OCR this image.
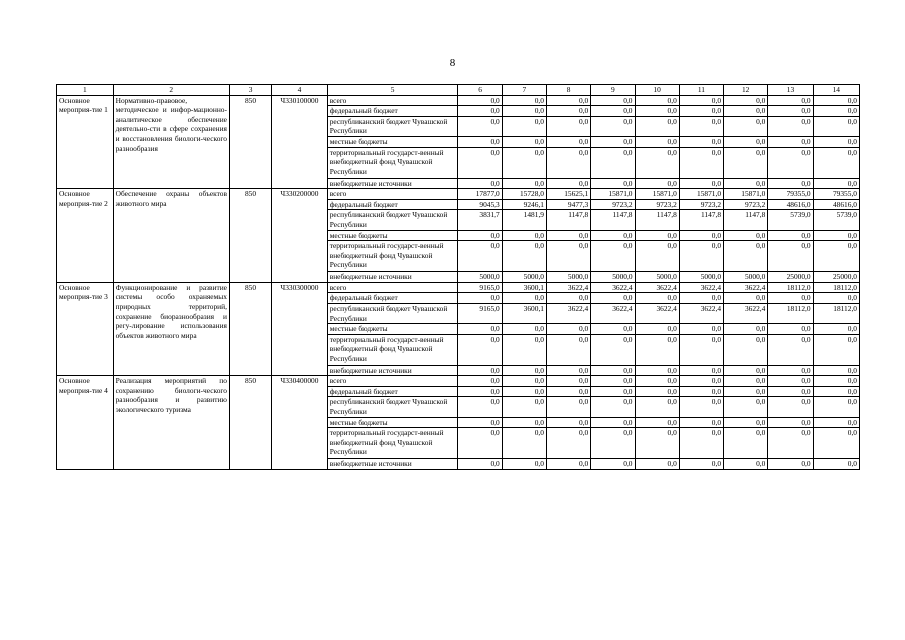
8
1	2	3	4	5	6	7	8	9	10	11	12	13	14
Основное мероприя-тие 1	Нормативно-правовое, методическое и инфор-мационно-аналитическое обеспечение деятельно-сти в сфере сохранения и восстановления биологи-ческого разнообразия	850	Ч330100000	всего	0,0	0,0	0,0	0,0	0,0	0,0	0,0	0,0	0,0
				федеральный бюджет	0,0	0,0	0,0	0,0	0,0	0,0	0,0	0,0	0,0
				республиканский бюджет Чувашской Республики	0,0	0,0	0,0	0,0	0,0	0,0	0,0	0,0	0,0
				местные бюджеты	0,0	0,0	0,0	0,0	0,0	0,0	0,0	0,0	0,0
				территориальный государст-венный внебюджетный фонд Чувашской Республики	0,0	0,0	0,0	0,0	0,0	0,0	0,0	0,0	0,0
				внебюджетные источники	0,0	0,0	0,0	0,0	0,0	0,0	0,0	0,0	0,0
Основное мероприя-тие 2	Обеспечение охраны объектов животного мира	850	Ч330200000	всего	17877,0	15728,0	15625,1	15871,0	15871,0	15871,0	15871,0	79355,0	79355,0
				федеральный бюджет	9045,3	9246,1	9477,3	9723,2	9723,2	9723,2	9723,2	48616,0	48616,0
				республиканский бюджет Чувашской Республики	3831,7	1481,9	1147,8	1147,8	1147,8	1147,8	1147,8	5739,0	5739,0
				местные бюджеты	0,0	0,0	0,0	0,0	0,0	0,0	0,0	0,0	0,0
				территориальный государст-венный внебюджетный фонд Чувашской Республики	0,0	0,0	0,0	0,0	0,0	0,0	0,0	0,0	0,0
				внебюджетные источники	5000,0	5000,0	5000,0	5000,0	5000,0	5000,0	5000,0	25000,0	25000,0
Основное мероприя-тие 3	Функционирование и развитие системы особо охраняемых природных территорий, сохранение биоразнообразия и регу-лирование использования объектов животного мира	850	Ч330300000	всего	9165,0	3600,1	3622,4	3622,4	3622,4	3622,4	3622,4	18112,0	18112,0
				федеральный бюджет	0,0	0,0	0,0	0,0	0,0	0,0	0,0	0,0	0,0
				республиканский бюджет Чувашской Республики	9165,0	3600,1	3622,4	3622,4	3622,4	3622,4	3622,4	18112,0	18112,0
				местные бюджеты	0,0	0,0	0,0	0,0	0,0	0,0	0,0	0,0	0,0
				территориальный государст-венный внебюджетный фонд Чувашской Республики	0,0	0,0	0,0	0,0	0,0	0,0	0,0	0,0	0,0
				внебюджетные источники	0,0	0,0	0,0	0,0	0,0	0,0	0,0	0,0	0,0
Основное мероприя-тие 4	Реализация мероприятий по сохранению биологи-ческого разнообразия и развитию экологического туризма	850	Ч330400000	всего	0,0	0,0	0,0	0,0	0,0	0,0	0,0	0,0	0,0
				федеральный бюджет	0,0	0,0	0,0	0,0	0,0	0,0	0,0	0,0	0,0
				республиканский бюджет Чувашской Республики	0,0	0,0	0,0	0,0	0,0	0,0	0,0	0,0	0,0
				местные бюджеты	0,0	0,0	0,0	0,0	0,0	0,0	0,0	0,0	0,0
				территориальный государст-венный внебюджетный фонд Чувашской Республики	0,0	0,0	0,0	0,0	0,0	0,0	0,0	0,0	0,0
				внебюджетные источники	0,0	0,0	0,0	0,0	0,0	0,0	0,0	0,0	0,0
